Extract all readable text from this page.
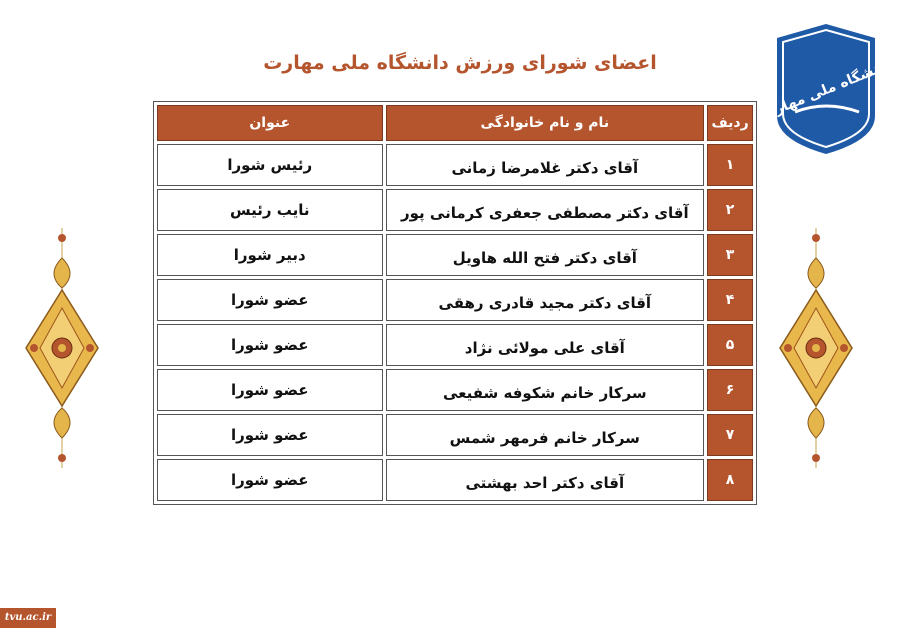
اعضای شورای ورزش دانشگاه ملی مهارت	دانشگاه ملی مهارت
ردیف	نام و نام خانوادگی	عنوان
۱	آقای دکتر غلامرضا زمانی	رئیس شورا
۲	آقای دکتر مصطفی جعفری کرمانی پور	نایب رئیس
۳	آقای دکتر فتح الله هاویل	دبیر شورا
۴	آقای دکتر مجید قادری رهقی	عضو شورا
۵	آقای علی مولائی نژاد	عضو شورا
۶	سرکار خانم شکوفه شفیعی	عضو شورا
۷	سرکار خانم فرمهر شمس	عضو شورا
۸	آقای دکتر احد بهشتی	عضو شورا
tvu.ac.ir
